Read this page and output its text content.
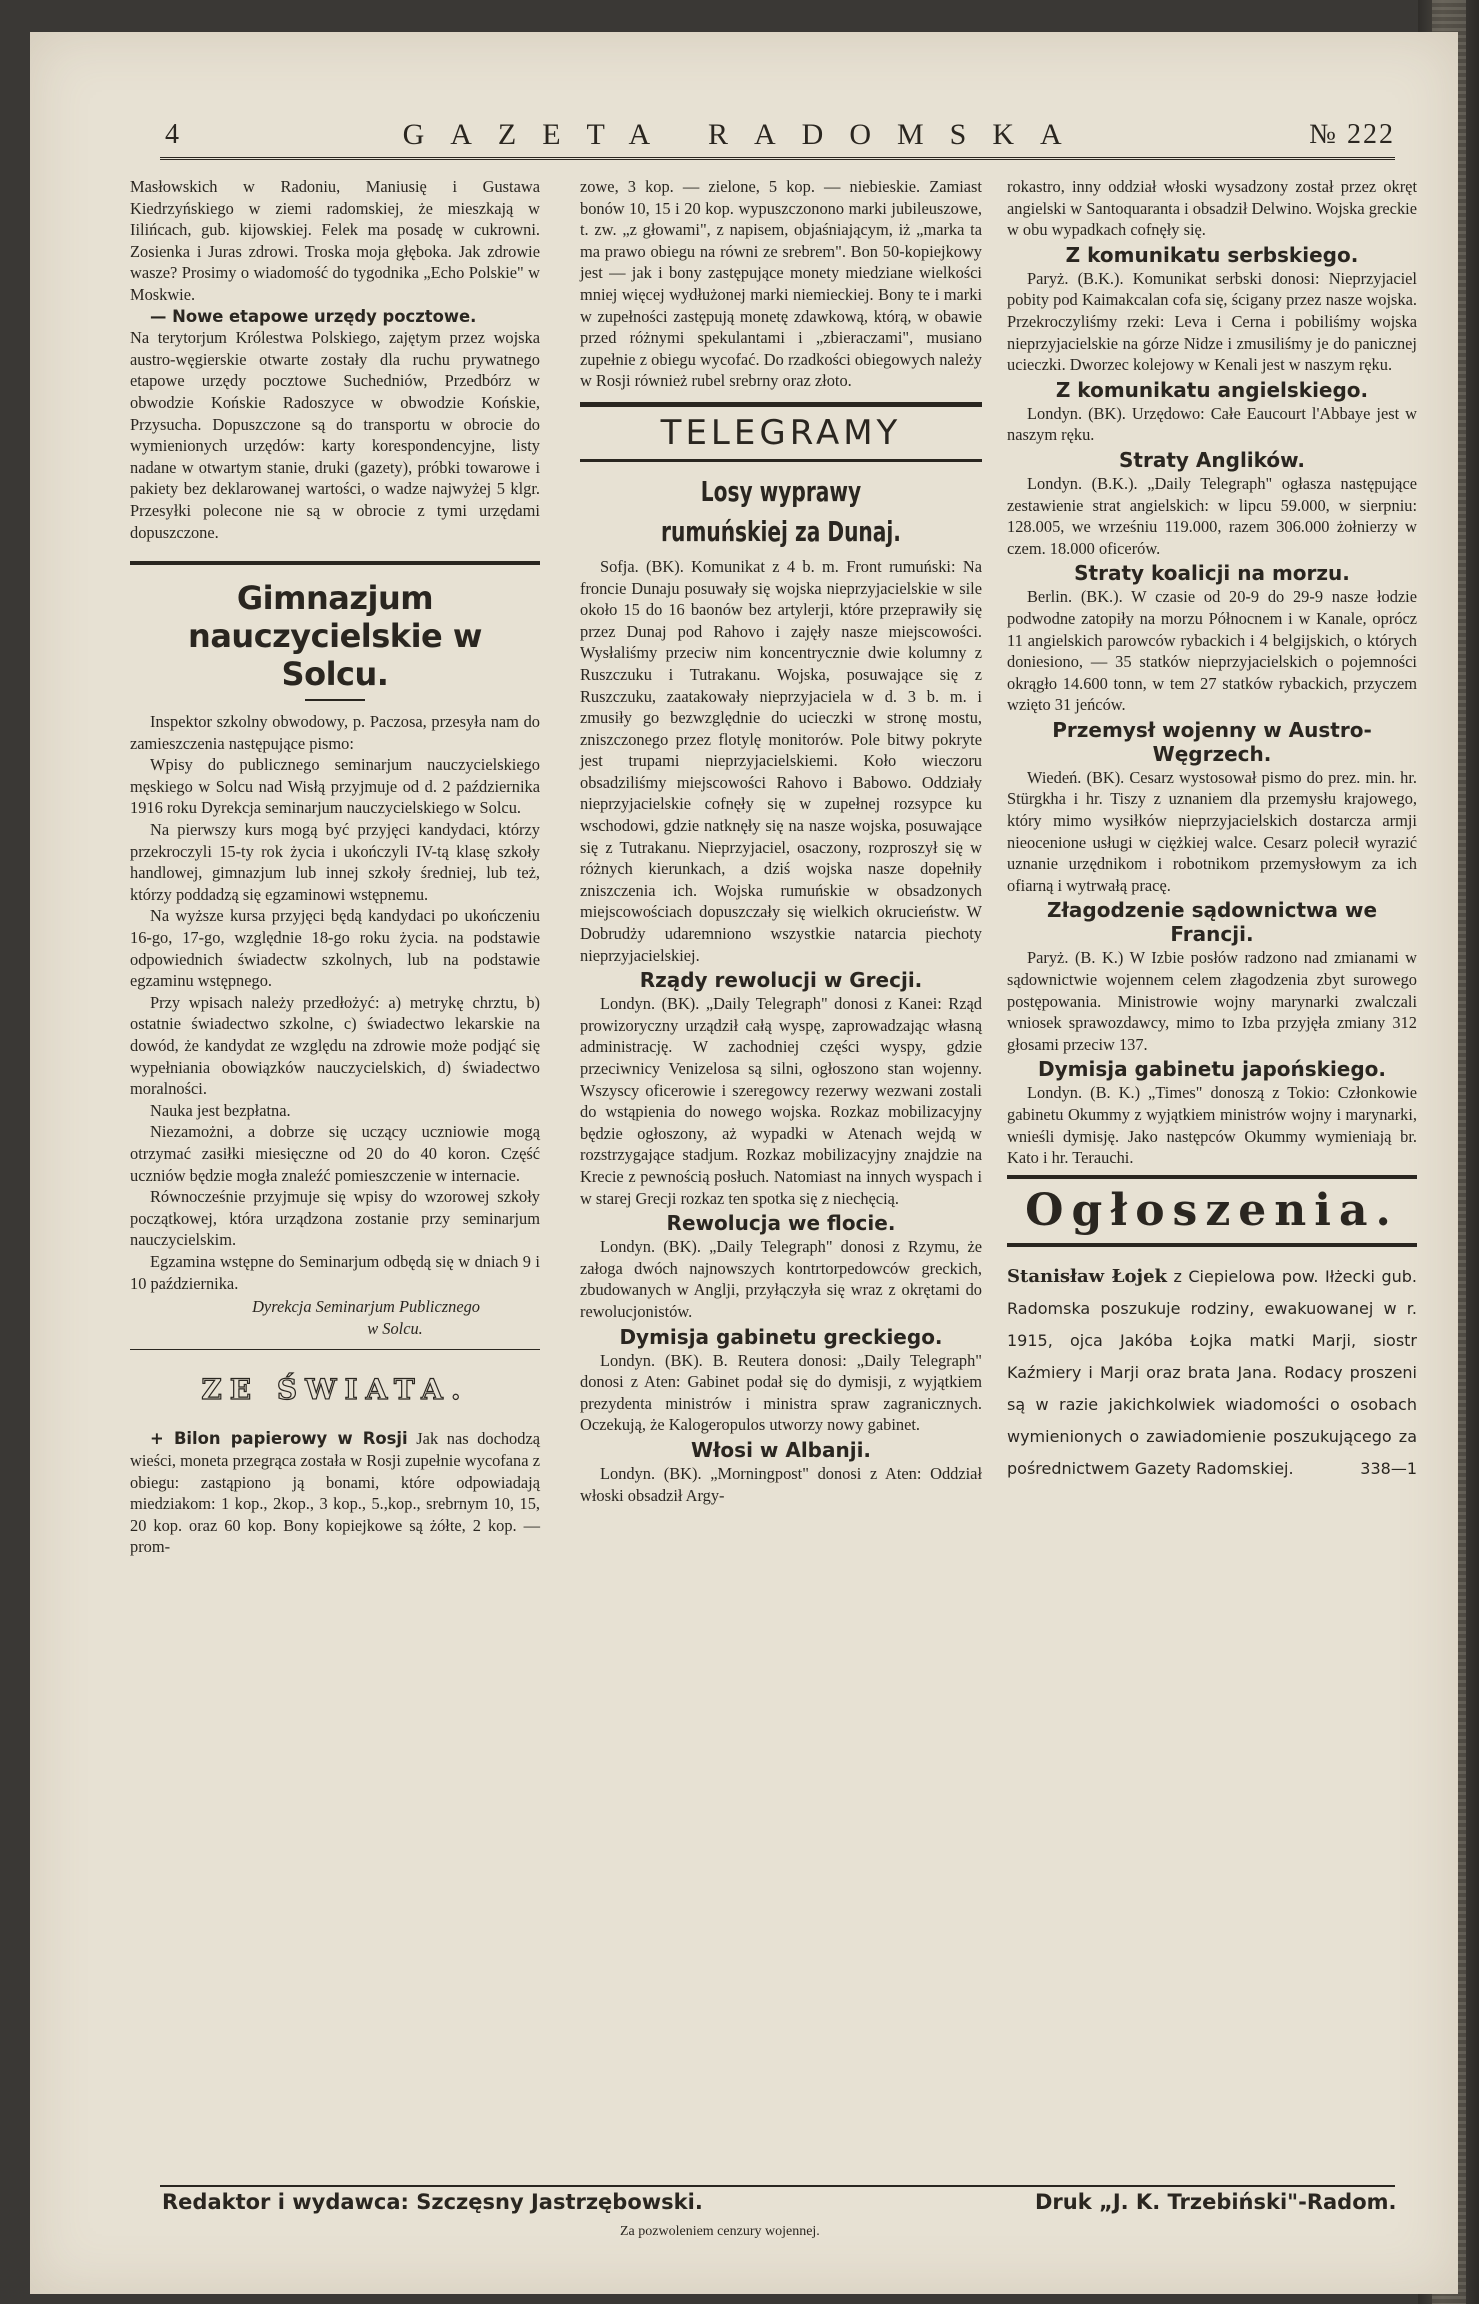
4	GAZETA RADOMSKA	№ 222

Masłowskich w Radoniu, Maniusię i Gustawa Kiedrzyńskiego w ziemi radomskiej, że mieszkają w Iilińcach, gub. kijowskiej. Felek ma posadę w cukrowni. Zosienka i Juras zdrowi. Troska moja głęboka. Jak zdrowie wasze? Prosimy o wiadomość do tygodnika „Echo Polskie" w Moskwie.

— Nowe etapowe urzędy pocztowe.

Na terytorjum Królestwa Polskiego, zajętym przez wojska austro-węgierskie otwarte zostały dla ruchu prywatnego etapowe urzędy pocztowe Suchedniów, Przedbórz w obwodzie Końskie Radoszyce w obwodzie Końskie, Przysucha. Dopuszczone są do transportu w obrocie do wymienionych urzędów: karty korespondencyjne, listy nadane w otwartym stanie, druki (gazety), próbki towarowe i pakiety bez deklarowanej wartości, o wadze najwyżej 5 klgr. Przesyłki polecone nie są w obrocie z tymi urzędami dopuszczone.

Gimnazjum nauczycielskie w Solcu.

Inspektor szkolny obwodowy, p. Paczosa, przesyła nam do zamieszczenia następujące pismo:

Wpisy do publicznego seminarjum nauczycielskiego męskiego w Solcu nad Wisłą przyjmuje od d. 2 października 1916 roku Dyrekcja seminarjum nauczycielskiego w Solcu.

Na pierwszy kurs mogą być przyjęci kandydaci, którzy przekroczyli 15-ty rok życia i ukończyli IV-tą klasę szkoły handlowej, gimnazjum lub innej szkoły średniej, lub też, którzy poddadzą się egzaminowi wstępnemu.

Na wyższe kursa przyjęci będą kandydaci po ukończeniu 16-go, 17-go, względnie 18-go roku życia. na podstawie odpowiednich świadectw szkolnych, lub na podstawie egzaminu wstępnego.

Przy wpisach należy przedłożyć: a) metrykę chrztu, b) ostatnie świadectwo szkolne, c) świadectwo lekarskie na dowód, że kandydat ze względu na zdrowie może podjąć się wypełniania obowiązków nauczycielskich, d) świadectwo moralności.

Nauka jest bezpłatna.

Niezamożni, a dobrze się uczący uczniowie mogą otrzymać zasiłki miesięczne od 20 do 40 koron. Część uczniów będzie mogła znaleźć pomieszczenie w internacie.

Równocześnie przyjmuje się wpisy do wzorowej szkoły początkowej, która urządzona zostanie przy seminarjum nauczycielskim.

Egzamina wstępne do Seminarjum odbędą się w dniach 9 i 10 października.

Dyrekcja Seminarjum Publicznego
w Solcu.
ZE ŚWIATA.

+ Bilon papierowy w Rosji Jak nas dochodzą wieści, moneta przegrąca została w Rosji zupełnie wycofana z obiegu: zastąpiono ją bonami, które odpowiadają miedziakom: 1 kop., 2kop., 3 kop., 5.,kop., srebrnym 10, 15, 20 kop. oraz 60 kop. Bony kopiejkowe są żółte, 2 kop. — prom-

zowe, 3 kop. — zielone, 5 kop. — niebieskie. Zamiast bonów 10, 15 i 20 kop. wypuszczonono marki jubileuszowe, t. zw. „z głowami", z napisem, objaśniającym, iż „marka ta ma prawo obiegu na równi ze srebrem". Bon 50-kopiejkowy jest — jak i bony zastępujące monety miedziane wielkości mniej więcej wydłużonej marki niemieckiej. Bony te i marki w zupełności zastępują monetę zdawkową, którą, w obawie przed różnymi spekulantami i „zbieraczami", musiano zupełnie z obiegu wycofać. Do rzadkości obiegowych należy w Rosji również rubel srebrny oraz złoto.

TELEGRAMY
Losy wyprawy rumuńskiej za Dunaj.

Sofja. (BK). Komunikat z 4 b. m. Front rumuński: Na froncie Dunaju posuwały się wojska nieprzyjacielskie w sile około 15 do 16 baonów bez artylerji, które przeprawiły się przez Dunaj pod Rahovo i zajęły nasze miejscowości. Wysłaliśmy przeciw nim koncentrycznie dwie kolumny z Ruszczuku i Tutrakanu. Wojska, posuwające się z Ruszczuku, zaatakowały nieprzyjaciela w d. 3 b. m. i zmusiły go bezwzględnie do ucieczki w stronę mostu, zniszczonego przez flotylę monitorów. Pole bitwy pokryte jest trupami nieprzyjacielskiemi. Koło wieczoru obsadziliśmy miejscowości Rahovo i Babowo. Oddziały nieprzyjacielskie cofnęły się w zupełnej rozsypce ku wschodowi, gdzie natknęły się na nasze wojska, posuwające się z Tutrakanu. Nieprzyjaciel, osaczony, rozproszył się w różnych kierunkach, a dziś wojska nasze dopełniły zniszczenia ich. Wojska rumuńskie w obsadzonych miejscowościach dopuszczały się wielkich okrucieństw. W Dobrudży udaremniono wszystkie natarcia piechoty nieprzyjacielskiej.

Rządy rewolucji w Grecji.

Londyn. (BK). „Daily Telegraph" donosi z Kanei: Rząd prowizoryczny urządził całą wyspę, zaprowadzając własną administrację. W zachodniej części wyspy, gdzie przeciwnicy Venizelosa są silni, ogłoszono stan wojenny. Wszyscy oficerowie i szeregowcy rezerwy wezwani zostali do wstąpienia do nowego wojska. Rozkaz mobilizacyjny będzie ogłoszony, aż wypadki w Atenach wejdą w rozstrzygające stadjum. Rozkaz mobilizacyjny znajdzie na Krecie z pewnością posłuch. Natomiast na innych wyspach i w starej Grecji rozkaz ten spotka się z niechęcią.

Rewolucja we flocie.

Londyn. (BK). „Daily Telegraph" donosi z Rzymu, że załoga dwóch najnowszych kontrtorpedowców greckich, zbudowanych w Anglji, przyłączyła się wraz z okrętami do rewolucjonistów.

Dymisja gabinetu greckiego.

Londyn. (BK). B. Reutera donosi: „Daily Telegraph" donosi z Aten: Gabinet podał się do dymisji, z wyjątkiem prezydenta ministrów i ministra spraw zagranicznych. Oczekują, że Kalogeropulos utworzy nowy gabinet.

Włosi w Albanji.

Londyn. (BK). „Morningpost" donosi z Aten: Oddział włoski obsadził Argy-

rokastro, inny oddział włoski wysadzony został przez okręt angielski w Santoquaranta i obsadził Delwino. Wojska greckie w obu wypadkach cofnęły się.

Z komunikatu serbskiego.

Paryż. (B.K.). Komunikat serbski donosi: Nieprzyjaciel pobity pod Kaimakcalan cofa się, ścigany przez nasze wojska. Przekroczyliśmy rzeki: Leva i Cerna i pobiliśmy wojska nieprzyjacielskie na górze Nidze i zmusiliśmy je do panicznej ucieczki. Dworzec kolejowy w Kenali jest w naszym ręku.

Z komunikatu angielskiego.

Londyn. (BK). Urzędowo: Całe Eaucourt l'Abbaye jest w naszym ręku.

Straty Anglików.

Londyn. (B.K.). „Daily Telegraph" ogłasza następujące zestawienie strat angielskich: w lipcu 59.000, w sierpniu: 128.005, we wrześniu 119.000, razem 306.000 żołnierzy w czem. 18.000 oficerów.

Straty koalicji na morzu.

Berlin. (BK.). W czasie od 20-9 do 29-9 nasze łodzie podwodne zatopiły na morzu Północnem i w Kanale, oprócz 11 angielskich parowców rybackich i 4 belgijskich, o których doniesiono, — 35 statków nieprzyjacielskich o pojemności okrągło 14.600 tonn, w tem 27 statków rybackich, przyczem wzięto 31 jeńców.

Przemysł wojenny w Austro-Węgrzech.

Wiedeń. (BK). Cesarz wystosował pismo do prez. min. hr. Stürgkha i hr. Tiszy z uznaniem dla przemysłu krajowego, który mimo wysiłków nieprzyjacielskich dostarcza armji nieocenione usługi w ciężkiej walce. Cesarz polecił wyrazić uznanie urzędnikom i robotnikom przemysłowym za ich ofiarną i wytrwałą pracę.

Złagodzenie sądownictwa we Francji.

Paryż. (B. K.) W Izbie posłów radzono nad zmianami w sądownictwie wojennem celem złagodzenia zbyt surowego postępowania. Ministrowie wojny marynarki zwalczali wniosek sprawozdawcy, mimo to Izba przyjęła zmiany 312 głosami przeciw 137.

Dymisja gabinetu japońskiego.

Londyn. (B. K.) „Times" donoszą z Tokio: Członkowie gabinetu Okummy z wyjątkiem ministrów wojny i marynarki, wnieśli dymisję. Jako następców Okummy wymieniają br. Kato i hr. Terauchi.

Ogłoszenia.
Stanisław Łojek z Ciepielowa pow. Iłżecki gub. Radomska poszukuje rodziny, ewakuowanej w r. 1915, ojca Jakóba Łojka matki Marji, siostr Kaźmiery i Marji oraz brata Jana. Rodacy proszeni są w razie jakichkolwiek wiadomości o osobach wymienionych o zawiadomienie poszukującego za pośrednictwem Gazety Radomskiej.	338—1
Redaktor i wydawca: Szczęsny Jastrzębowski.	Druk „J. K. Trzebiński"-Radom.
Za pozwoleniem cenzury wojennej.
